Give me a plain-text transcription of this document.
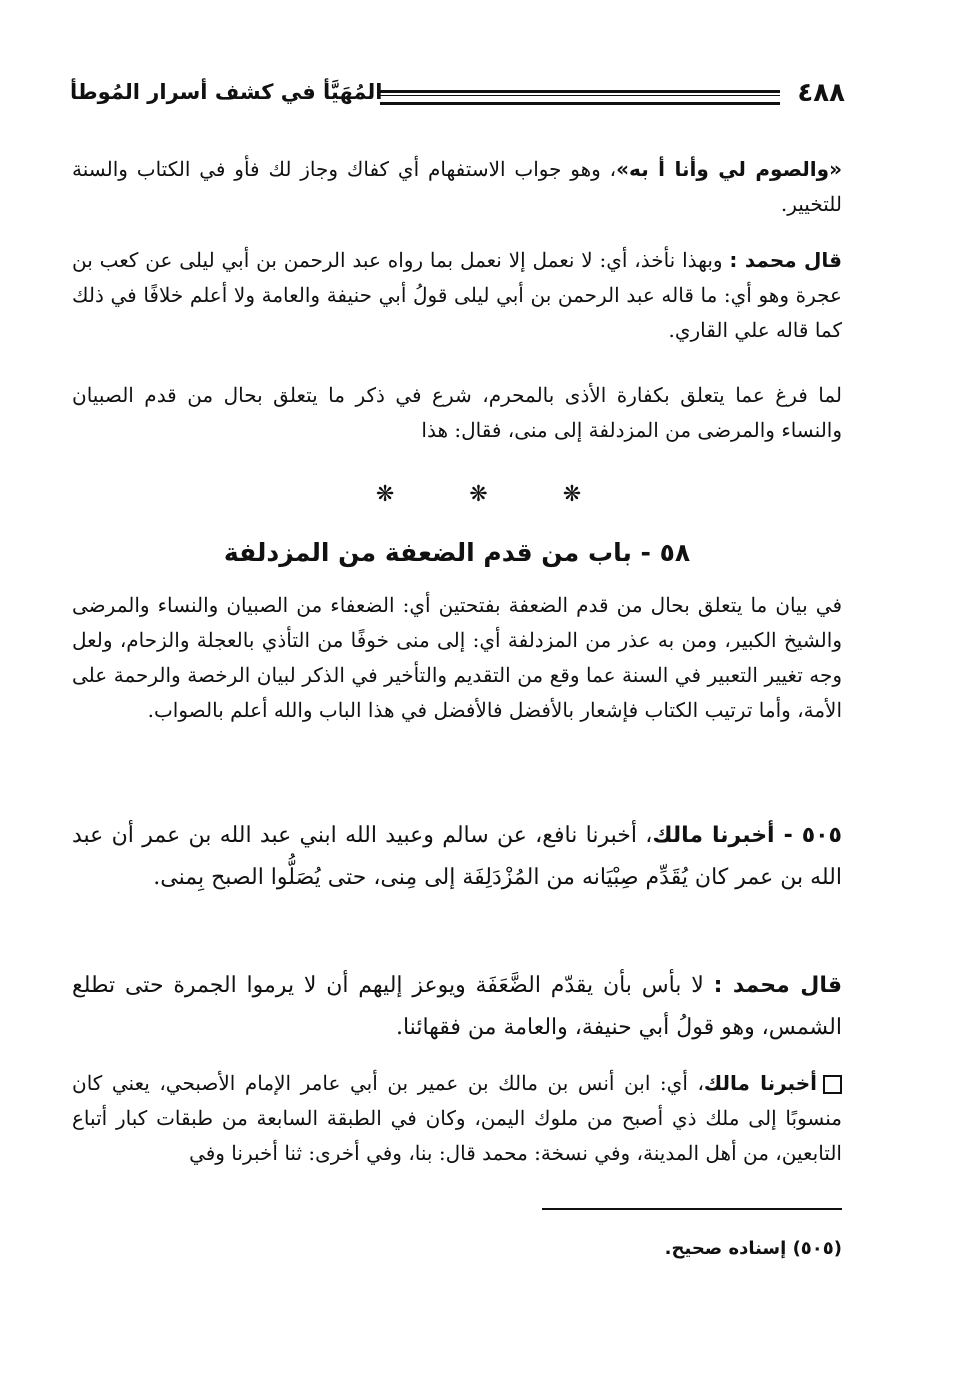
٤٨٨
المُهَيَّأ في كشف أسرار المُوطأ
«والصوم لي وأنا أ به»، وهو جواب الاستفهام أي كفاك وجاز لك فأو في الكتاب والسنة للتخيير.
قال محمد : وبهذا نأخذ، أي: لا نعمل إلا نعمل بما رواه عبد الرحمن بن أبي ليلى عن كعب بن عجرة وهو أي: ما قاله عبد الرحمن بن أبي ليلى قولُ أبي حنيفة والعامة ولا أعلم خلافًا في ذلك كما قاله علي القاري.
لما فرغ عما يتعلق بكفارة الأذى بالمحرم، شرع في ذكر ما يتعلق بحال من قدم الصبيان والنساء والمرضى من المزدلفة إلى منى، فقال: هذا
❋ ❋ ❋
٥٨ - باب من قدم الضعفة من المزدلفة
في بيان ما يتعلق بحال من قدم الضعفة بفتحتين أي: الضعفاء من الصبيان والنساء والمرضى والشيخ الكبير، ومن به عذر من المزدلفة أي: إلى منى خوفًا من التأذي بالعجلة والزحام، ولعل وجه تغيير التعبير في السنة عما وقع من التقديم والتأخير في الذكر لبيان الرخصة والرحمة على الأمة، وأما ترتيب الكتاب فإشعار بالأفضل فالأفضل في هذا الباب والله أعلم بالصواب.
٥٠٥ - أخبرنا مالك، أخبرنا نافع، عن سالم وعبيد الله ابني عبد الله بن عمر أن عبد الله بن عمر كان يُقَدِّم صِبْيَانه من المُزْدَلِفَة إلى مِنى، حتى يُصَلُّوا الصبح بِمنى.
قال محمد : لا بأس بأن يقدّم الضَّعَفَة ويوعز إليهم أن لا يرموا الجمرة حتى تطلع الشمس، وهو قولُ أبي حنيفة، والعامة من فقهائنا.
أخبرنا مالك، أي: ابن أنس بن مالك بن عمير بن أبي عامر الإمام الأصبحي، يعني كان منسوبًا إلى ملك ذي أصبح من ملوك اليمن، وكان في الطبقة السابعة من طبقات كبار أتباع التابعين، من أهل المدينة، وفي نسخة: محمد قال: بنا، وفي أخرى: ثنا أخبرنا وفي
(٥٠٥) إسناده صحيح.
